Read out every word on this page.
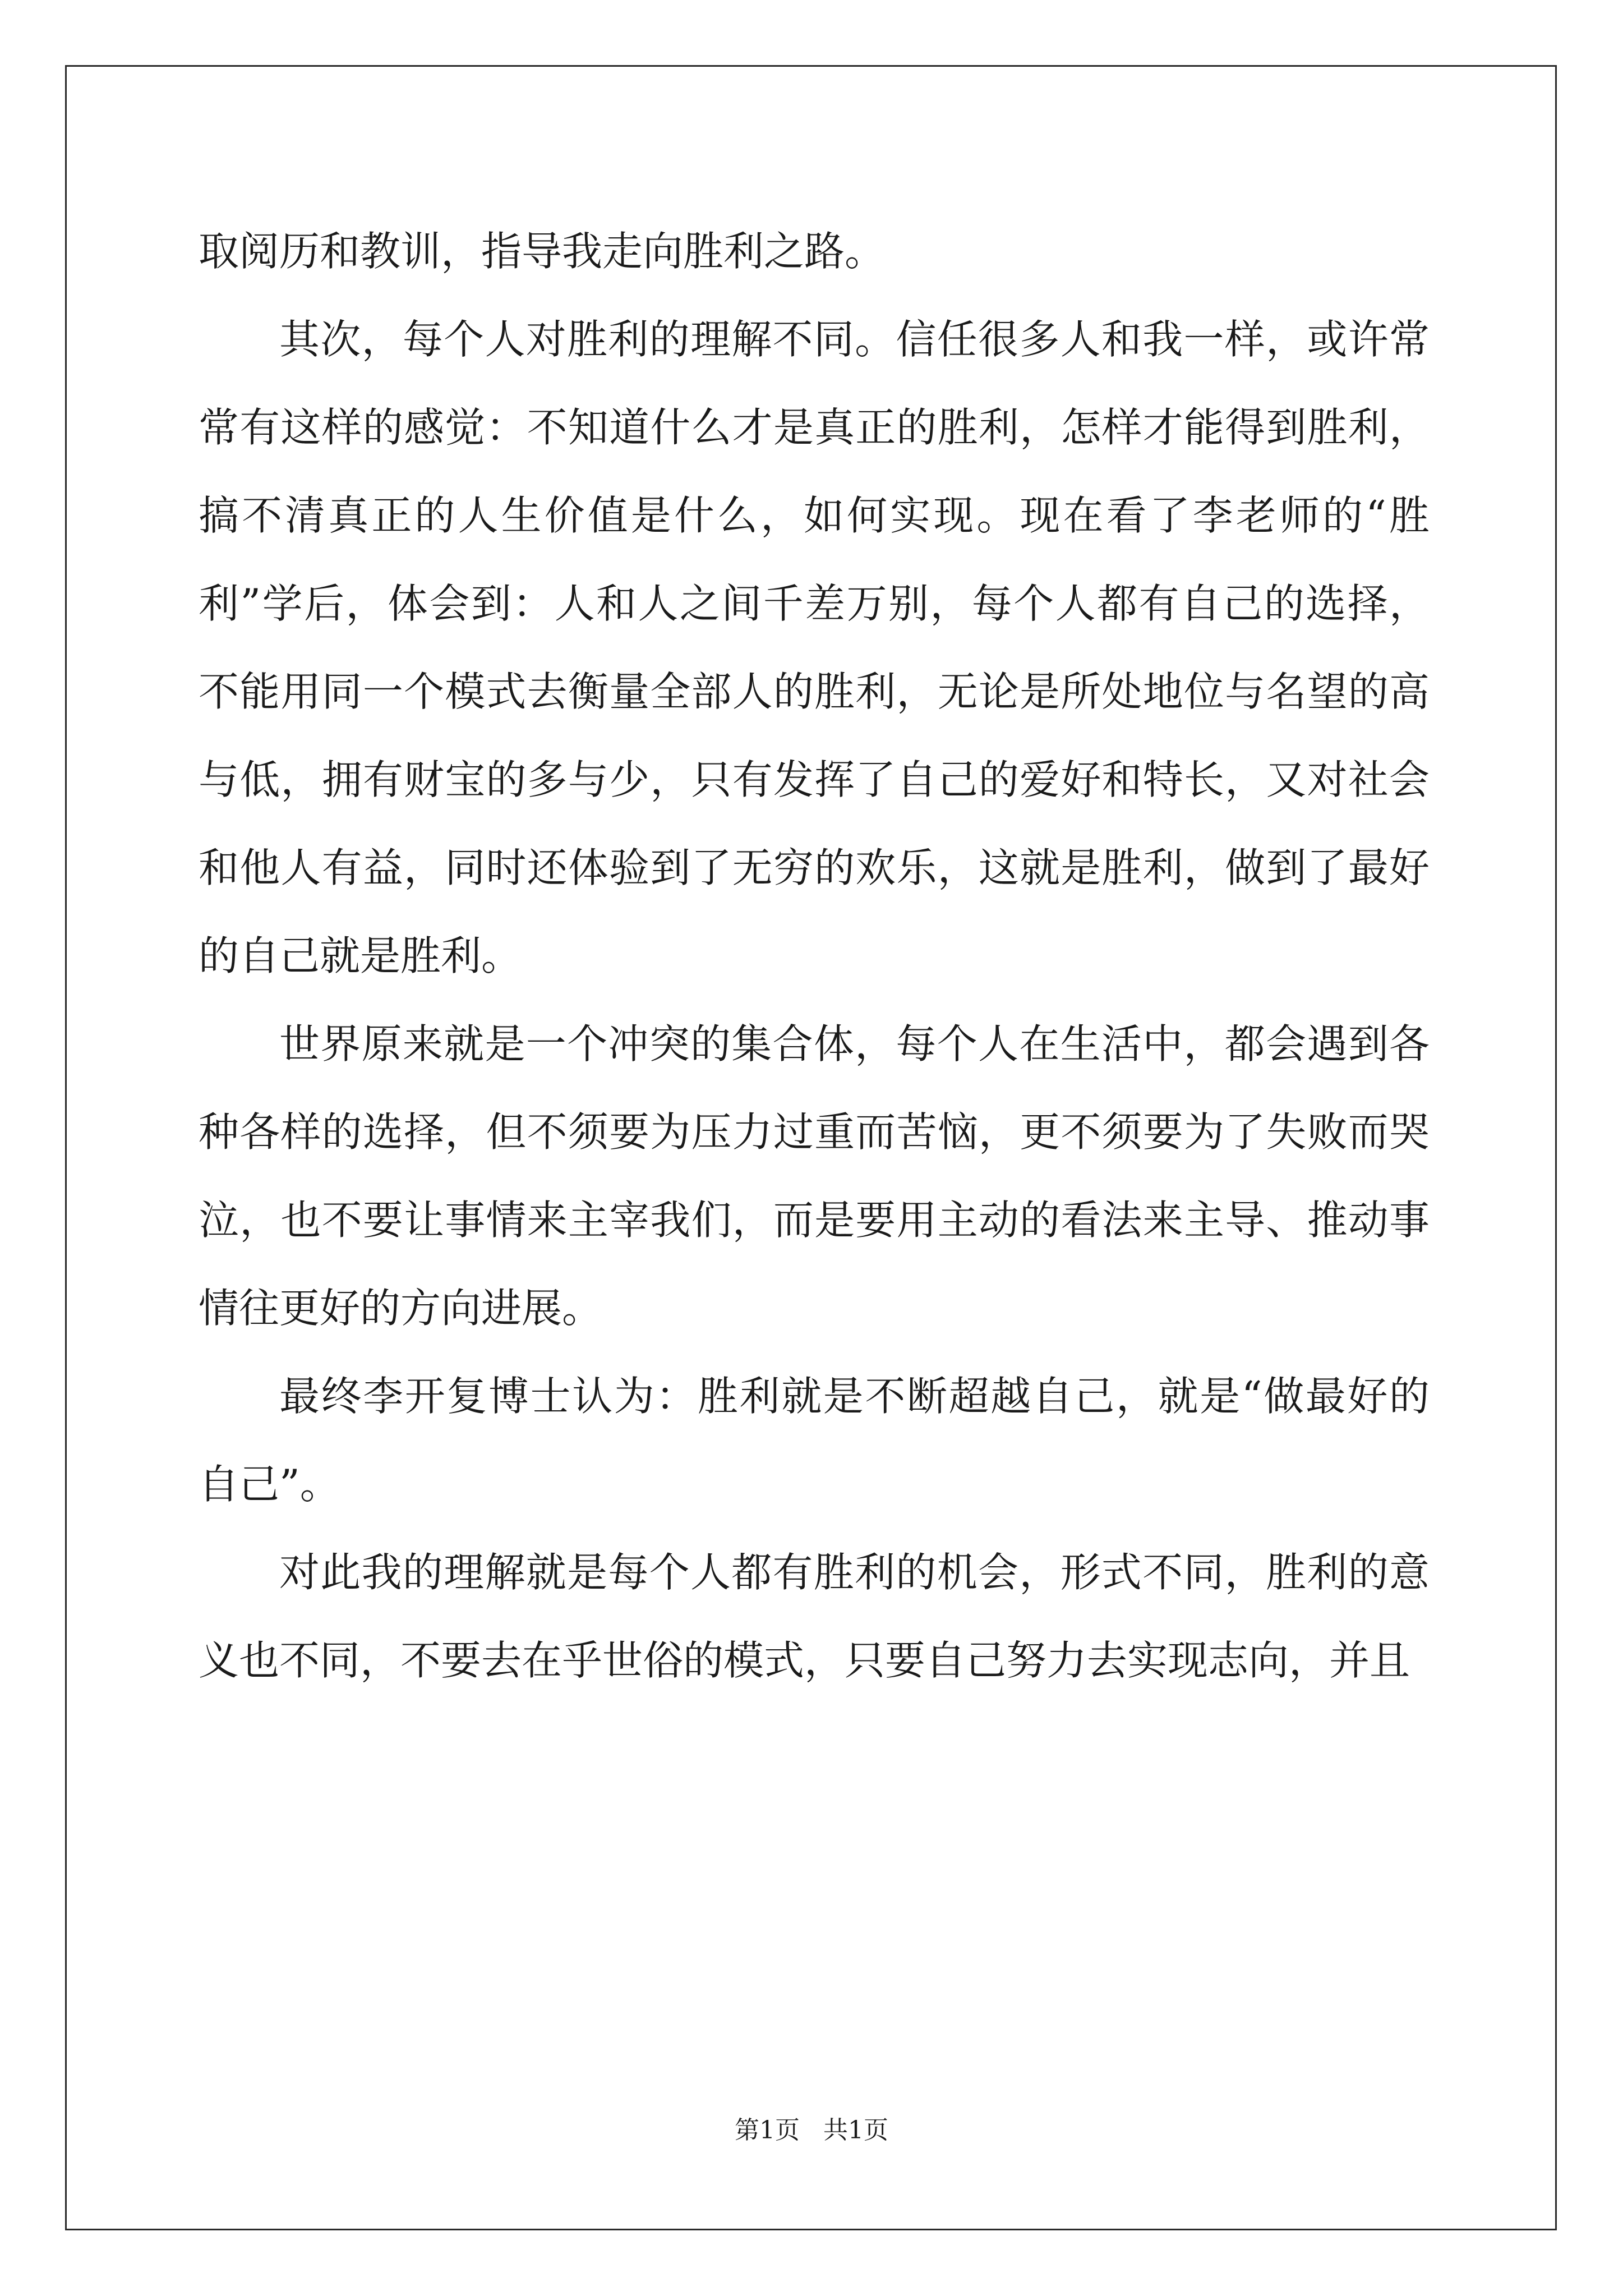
取阅历和教训，指导我走向胜利之路。

其次，每个人对胜利的理解不同。信任很多人和我一样，或许常常有这样的感觉：不知道什么才是真正的胜利，怎样才能得到胜利，搞不清真正的人生价值是什么，如何实现。现在看了李老师的“胜利”学后，体会到：人和人之间千差万别，每个人都有自己的选择，不能用同一个模式去衡量全部人的胜利，无论是所处地位与名望的高与低，拥有财宝的多与少，只有发挥了自己的爱好和特长，又对社会和他人有益，同时还体验到了无穷的欢乐，这就是胜利，做到了最好的自己就是胜利。

世界原来就是一个冲突的集合体，每个人在生活中，都会遇到各种各样的选择，但不须要为压力过重而苦恼，更不须要为了失败而哭泣，也不要让事情来主宰我们，而是要用主动的看法来主导、推动事情往更好的方向进展。

最终李开复博士认为：胜利就是不断超越自己，就是“做最好的自己”。

对此我的理解就是每个人都有胜利的机会，形式不同，胜利的意义也不同，不要去在乎世俗的模式，只要自己努力去实现志向，并且

第1页   共1页
